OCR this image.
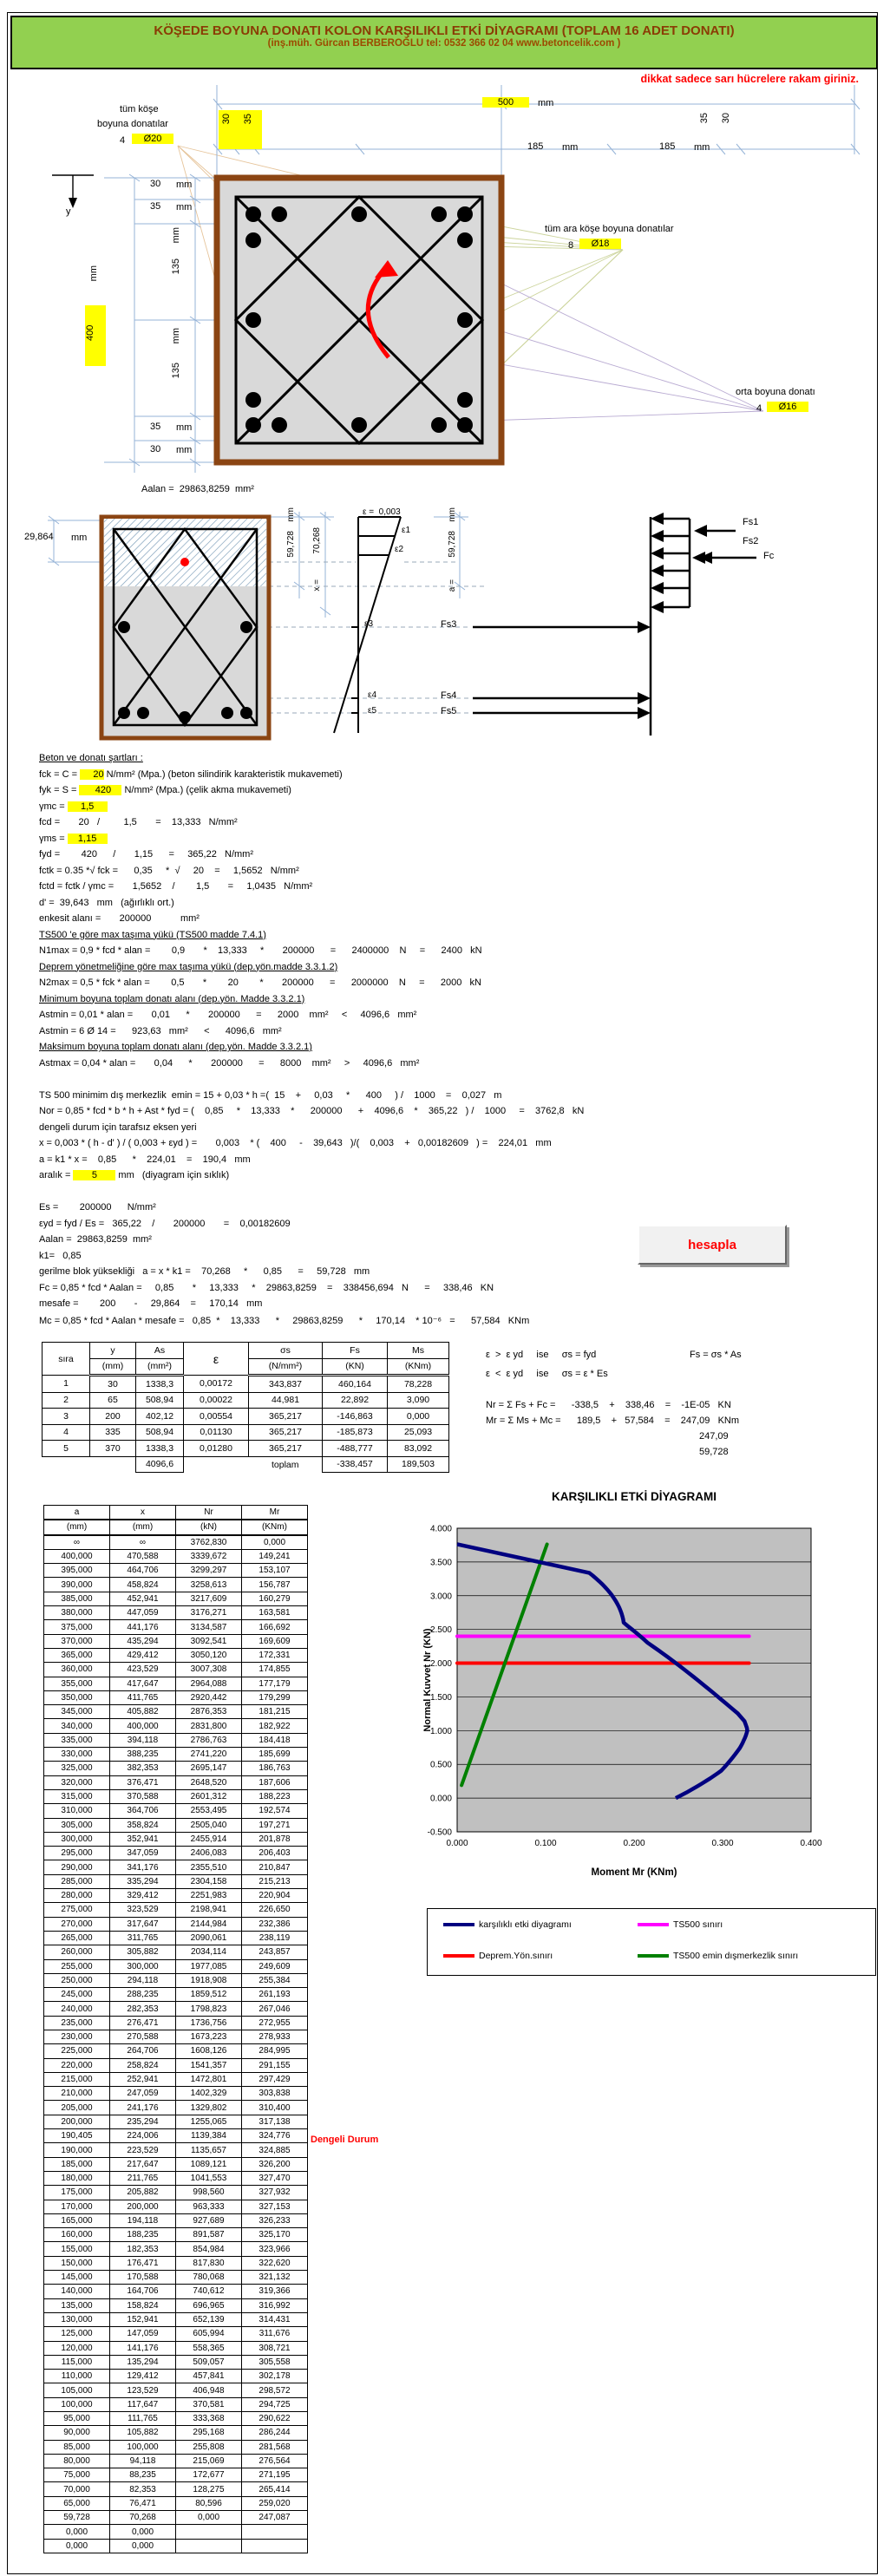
KÖŞEDE BOYUNA DONATI KOLON KARŞILIKLI ETKİ DİYAGRAMI (TOPLAM 16 ADET DONATI)
(inş.müh. Gürcan BERBEROĞLU tel: 0532 366 02 04 www.betoncelik.com )
dikkat sadece sarı hücrelere rakam giriniz.
tüm köşe
boyuna donatılar
4	Ø20
500	mm
30 35
185 mm	185 mm
35 30
30 mm
35 mm
mm
135
mm
400	mm
135
35 mm
30 mm
y
tüm ara köşe boyuna donatılar
8	Ø18
orta boyuna donatı
4	Ø16
Aalan =  29863,8259  mm²
29,864 mm
mm
59,728 70,268
x =
mm
59,728
a =
ε =  0,003
ε1
ε2
ε3
ε4
ε5
Fs1
Fs2
Fc
Fs3
Fs4
Fs5
Beton ve donatı şartları :
fck = C =      20 N/mm² (Mpa.) (beton silindirik karakteristik mukavemeti)
fyk = S =       420     N/mm² (Mpa.) (çelik akma mukavemeti)
γmc =      1,5
fcd =       20   /         1,5       =    13,333   N/mm²
γms =     1,15
fyd =        420      /       1,15      =     365,22   N/mm²
fctk = 0.35 *√ fck =      0,35     *  √     20    =     1,5652   N/mm²
fctd = fctk / γmc =       1,5652    /        1,5       =     1,0435   N/mm²
d' =  39,643   mm   (ağırlıklı ort.)
enkesit alanı =       200000           mm²
TS500 'e göre max taşıma yükü (TS500 madde 7.4.1)
N1max = 0,9 * fcd * alan =        0,9       *    13,333     *       200000      =      2400000    N     =      2400   kN
Deprem yönetmeliğine göre max taşıma yükü (dep.yön.madde 3.3.1.2)
N2max = 0,5 * fck * alan =        0,5       *        20        *       200000      =      2000000    N     =      2000   kN
Minimum boyuna toplam donatı alanı (dep.yön. Madde 3.3.2.1)
Astmin = 0,01 * alan =       0,01      *       200000      =      2000    mm²     <     4096,6   mm²
Astmin = 6 Ø 14 =      923,63   mm²      <      4096,6   mm²
Maksimum boyuna toplam donatı alanı (dep.yön. Madde 3.3.2.1)
Astmax = 0,04 * alan =       0,04      *       200000      =      8000    mm²     >     4096,6   mm²

TS 500 minimim dış merkezlik  emin = 15 + 0,03 * h =(  15    +     0,03     *      400     ) /    1000    =    0,027   m
Nor = 0,85 * fcd * b * h + Ast * fyd = (    0,85     *    13,333    *      200000      +    4096,6    *    365,22   ) /    1000     =    3762,8   kN
dengeli durum için tarafsız eksen yeri
x = 0,003 * ( h - d' ) / ( 0,003 + εyd ) =       0,003    * (    400     -    39,643   )/(    0,003    +   0,00182609   ) =    224,01   mm
a = k1 * x =    0,85      *    224,01    =    190,4   mm
aralık =        5        mm   (diyagram için sıklık)

Es =        200000      N/mm²
εyd = fyd / Es =   365,22    /       200000       =    0,00182609
Aalan =  29863,8259  mm²
k1=   0,85
gerilme blok yüksekliği   a = x * k1 =    70,268     *      0,85      =     59,728   mm
Fc = 0,85 * fcd * Aalan =     0,85       *     13,333     *    29863,8259    =    338456,694   N      =     338,46   KN
mesafe =        200       -     29,864    =     170,14   mm
Mc = 0,85 * fcd * Aalan * mesafe =   0,85  *    13,333      *     29863,8259      *     170,14    * 10⁻⁶   =      57,584   KNm
hesapla
sıra	y	As	ε	σs	Fs	Ms
	(mm)	(mm²)		(N/mm²)	(KN)	(KNm)
1	30	1338,3	0,00172	343,837	460,164	78,228
2	65	508,94	0,00022	44,981	22,892	3,090
3	200	402,12	0,00554	365,217	-146,863	0,000
4	335	508,94	0,01130	365,217	-185,873	25,093
5	370	1338,3	0,01280	365,217	-488,777	83,092
		4096,6		toplam	-338,457	189,503
ε  >  ε yd     ise     σs = fyd	Fs = σs * As
ε  <  ε yd     ise     σs = ε * Es
Nr = Σ Fs + Fc =      -338,5    +    338,46    =    -1E-05   KN
Mr = Σ Ms + Mc =      189,5    +   57,584    =    247,09   KNm
247,09
59,728
a	x	Nr	Mr
(mm)	(mm)	(kN)	(KNm)
∞	∞	3762,830	0,000
400,000	470,588	3339,672	149,241
395,000	464,706	3299,297	153,107
390,000	458,824	3258,613	156,787
385,000	452,941	3217,609	160,279
380,000	447,059	3176,271	163,581
375,000	441,176	3134,587	166,692
370,000	435,294	3092,541	169,609
365,000	429,412	3050,120	172,331
360,000	423,529	3007,308	174,855
355,000	417,647	2964,088	177,179
350,000	411,765	2920,442	179,299
345,000	405,882	2876,353	181,215
340,000	400,000	2831,800	182,922
335,000	394,118	2786,763	184,418
330,000	388,235	2741,220	185,699
325,000	382,353	2695,147	186,763
320,000	376,471	2648,520	187,606
315,000	370,588	2601,312	188,223
310,000	364,706	2553,495	192,574
305,000	358,824	2505,040	197,271
300,000	352,941	2455,914	201,878
295,000	347,059	2406,083	206,403
290,000	341,176	2355,510	210,847
285,000	335,294	2304,158	215,213
280,000	329,412	2251,983	220,904
275,000	323,529	2198,941	226,650
270,000	317,647	2144,984	232,386
265,000	311,765	2090,061	238,119
260,000	305,882	2034,114	243,857
255,000	300,000	1977,085	249,609
250,000	294,118	1918,908	255,384
245,000	288,235	1859,512	261,193
240,000	282,353	1798,823	267,046
235,000	276,471	1736,756	272,955
230,000	270,588	1673,223	278,933
225,000	264,706	1608,126	284,995
220,000	258,824	1541,357	291,155
215,000	252,941	1472,801	297,429
210,000	247,059	1402,329	303,838
205,000	241,176	1329,802	310,400
200,000	235,294	1255,065	317,138
190,405	224,006	1139,384	324,776
190,000	223,529	1135,657	324,885
185,000	217,647	1089,121	326,200
180,000	211,765	1041,553	327,470
175,000	205,882	998,560	327,932
170,000	200,000	963,333	327,153
165,000	194,118	927,689	326,233
160,000	188,235	891,587	325,170
155,000	182,353	854,984	323,966
150,000	176,471	817,830	322,620
145,000	170,588	780,068	321,132
140,000	164,706	740,612	319,366
135,000	158,824	696,965	316,992
130,000	152,941	652,139	314,431
125,000	147,059	605,994	311,676
120,000	141,176	558,365	308,721
115,000	135,294	509,057	305,558
110,000	129,412	457,841	302,178
105,000	123,529	406,948	298,572
100,000	117,647	370,581	294,725
95,000	111,765	333,368	290,622
90,000	105,882	295,168	286,244
85,000	100,000	255,808	281,568
80,000	94,118	215,069	276,564
75,000	88,235	172,677	271,195
70,000	82,353	128,275	265,414
65,000	76,471	80,596	259,020
59,728	70,268	0,000	247,087
0,000	0,000		
0,000	0,000		
Dengeli Durum
4.000
3.500
3.000
2.500
2.000
1.500
1.000
0.500
0.000
-0.500
0.000	0.100	0.200	0.300	0.400
KARŞILIKLI ETKİ DİYAGRAMI
Moment Mr (KNm)
Normal Kuvvet Nr (KN)
karşılıklı etki diyagramı	TS500 sınırı
Deprem.Yön.sınırı	TS500 emin dışmerkezlik sınırı
